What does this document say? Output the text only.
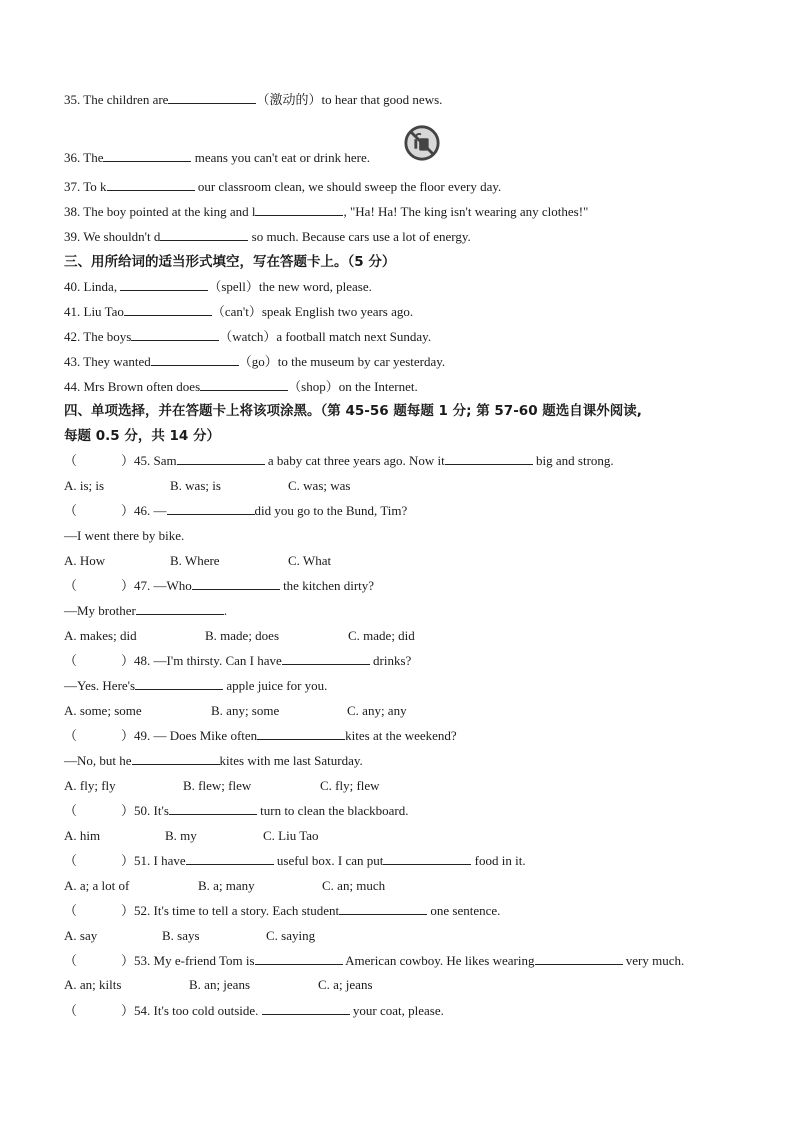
35. The children are	（激动的）to hear that good news.
36. The	means you can't eat or drink here.
37. To k	our classroom clean, we should sweep the floor every day.
38. The boy pointed at the king and l	, "Ha! Ha! The king isn't wearing any clothes!"
39. We shouldn't d	so much. Because cars use a lot of energy.
三、用所给词的适当形式填空，写在答题卡上。（5 分）
40. Linda,	（spell）the new word, please.
41. Liu Tao	（can't）speak English two years ago.
42. The boys	（watch）a football match next Sunday.
43. They wanted	（go）to the museum by car yesterday.
44. Mrs Brown often does	（shop）on the Internet.
四、单项选择，并在答题卡上将该项涂黑。（第 45-56 题每题 1 分; 第 57-60 题选自课外阅读,
每题 0.5 分，共 14 分）
（	）45. Sam	a baby cat three years ago. Now it	big and strong.
A. is; is	B. was; is	C. was; was
（	）46. —	did you go to the Bund, Tim?
—I went there by bike.
A. How	B. Where	C. What
（	）47. —Who	the kitchen dirty?
—My brother	.
A. makes; did	B. made; does	C. made; did
（	）48. —I'm thirsty. Can I have	drinks?
—Yes. Here's	apple juice for you.
A. some; some	B. any; some	C. any; any
（	）49. — Does Mike often	kites at the weekend?
—No, but he	kites with me last Saturday.
A. fly; fly	B. flew; flew	C. fly; flew
（	）50. It's	turn to clean the blackboard.
A. him	B. my	C. Liu Tao
（	）51. I have	useful box. I can put	food in it.
A. a; a lot of	B. a; many	C. an; much
（	）52. It's time to tell a story. Each student	one sentence.
A. say	B. says	C. saying
（	）53. My e-friend Tom is	American cowboy. He likes wearing	very much.
A. an; kilts	B. an; jeans	C. a; jeans
（	）54. It's too cold outside.	your coat, please.
